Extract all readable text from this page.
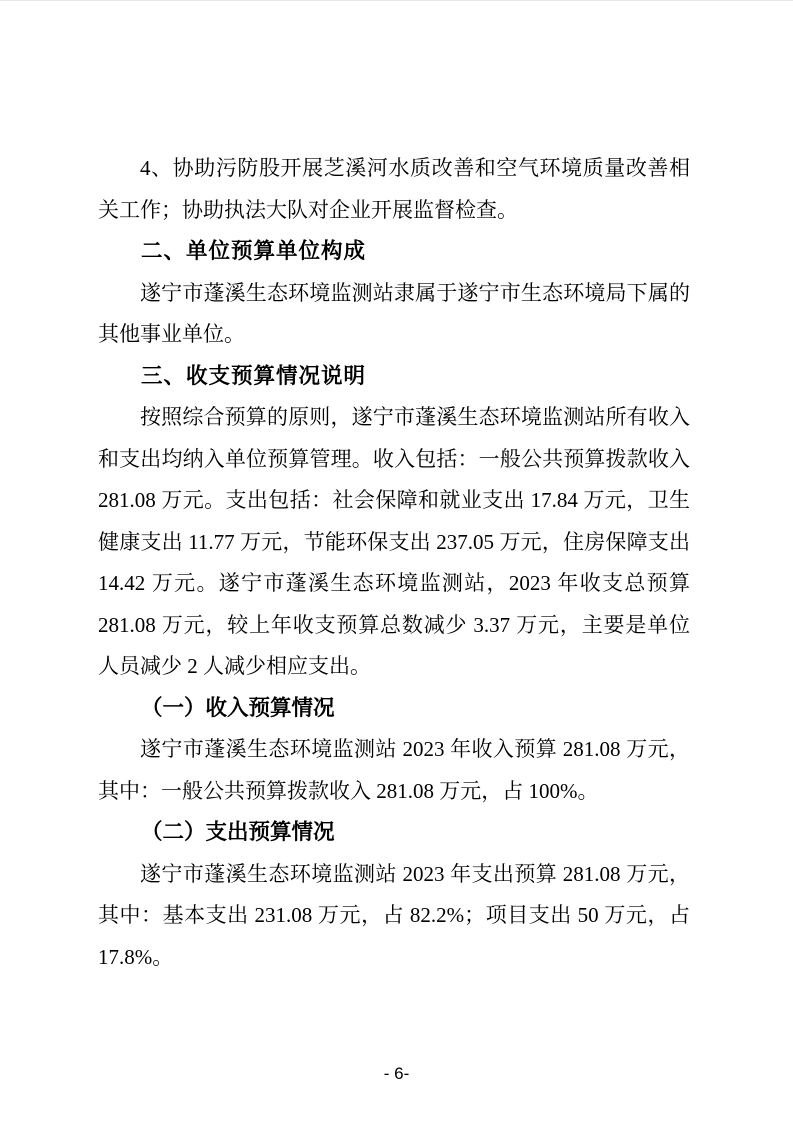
4、协助污防股开展芝溪河水质改善和空气环境质量改善相关工作；协助执法大队对企业开展监督检查。

二、单位预算单位构成

遂宁市蓬溪生态环境监测站隶属于遂宁市生态环境局下属的其他事业单位。

三、收支预算情况说明

按照综合预算的原则，遂宁市蓬溪生态环境监测站所有收入和支出均纳入单位预算管理。收入包括：一般公共预算拨款收入 281.08 万元。支出包括：社会保障和就业支出 17.84 万元，卫生健康支出 11.77 万元，节能环保支出 237.05 万元，住房保障支出 14.42 万元。遂宁市蓬溪生态环境监测站，2023 年收支总预算 281.08 万元，较上年收支预算总数减少 3.37 万元，主要是单位人员减少 2 人减少相应支出。

（一）收入预算情况

遂宁市蓬溪生态环境监测站 2023 年收入预算 281.08 万元，其中：一般公共预算拨款收入 281.08 万元，占 100%。

（二）支出预算情况

遂宁市蓬溪生态环境监测站 2023 年支出预算 281.08 万元，其中：基本支出 231.08 万元，占 82.2%；项目支出 50 万元，占 17.8%。

- 6-
